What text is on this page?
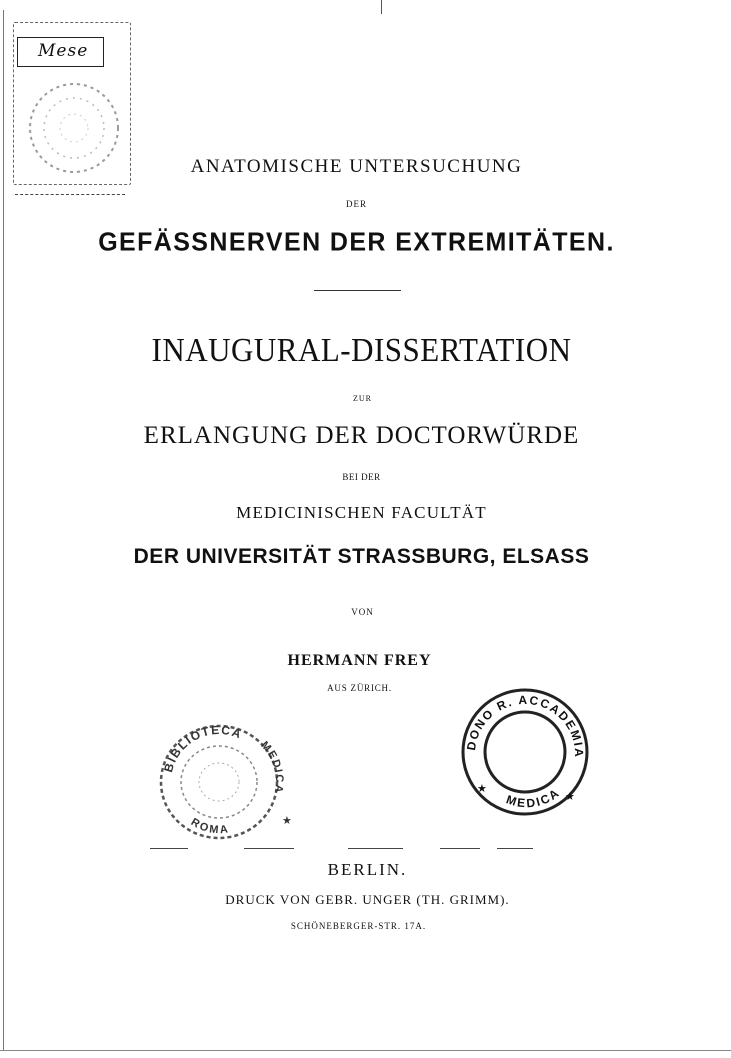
Mese
ANATOMISCHE UNTERSUCHUNG
DER
GEFÄSSNERVEN DER EXTREMITÄTEN.
INAUGURAL-DISSERTATION
ZUR
ERLANGUNG DER DOCTORWÜRDE
BEI DER
MEDICINISCHEN FACULTÄT
DER UNIVERSITÄT STRASSBURG, ELSASS
VON
HERMANN FREY
AUS ZÜRICH.
BIBLIOTECA
MEDICA
ROMA
★
DONO R. ACCADEMIA
MEDICA
★
★
BERLIN.
DRUCK VON GEBR. UNGER (TH. GRIMM).
SCHÖNEBERGER-STR. 17A.
